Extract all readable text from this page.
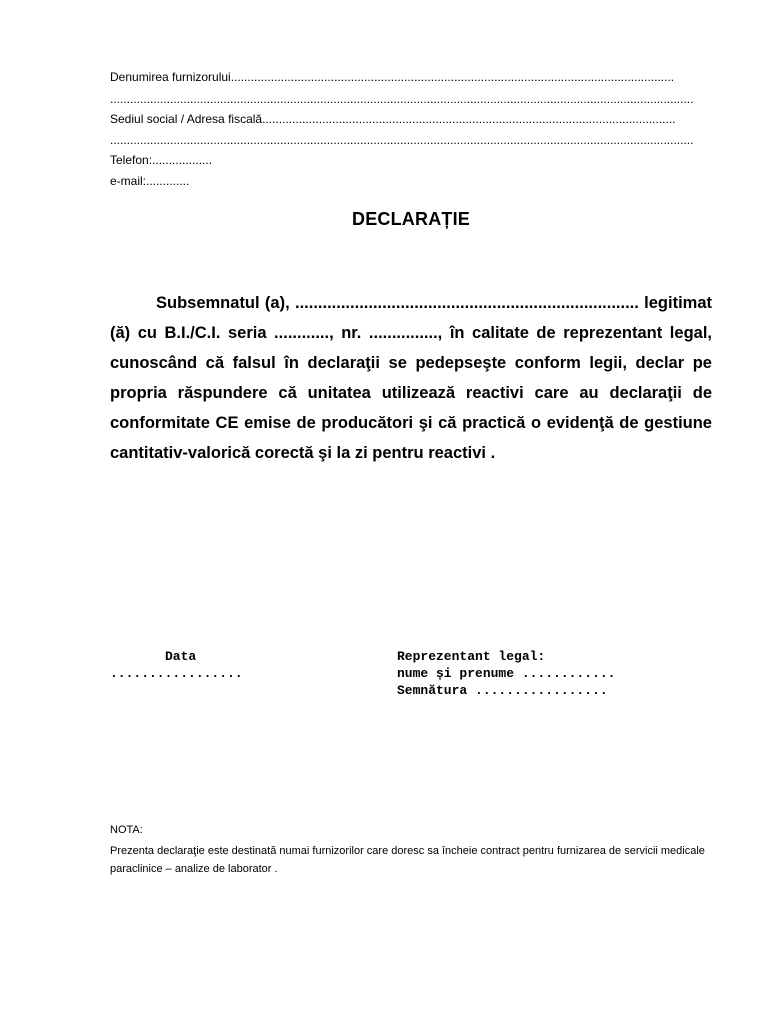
Denumirea furnizorului.....................................................................................................................................
...............................................................................................................................................................................
Sediul social / Adresa fiscală............................................................................................................................
...............................................................................................................................................................................
Telefon:..................
e-mail:.............
DECLARAȚIE
Subsemnatul (a), ........................................................................... legitimat (ă) cu B.I./C.I. seria ............, nr. ..............., în calitate de reprezentant legal, cunoscând că falsul în declaraţii se pedepseşte conform legii, declar pe propria răspundere că unitatea utilizează reactivi care au declaraţii de conformitate CE emise de producători şi că practică o evidenţă de gestiune cantitativ-valorică corectă şi la zi pentru reactivi .
Data
.................
Reprezentant legal:
nume și prenume ............
Semnătura .................
NOTA:
Prezenta declaraţie este destinată numai furnizorilor care doresc sa încheie contract pentru furnizarea de servicii medicale paraclinice – analize de laborator .
